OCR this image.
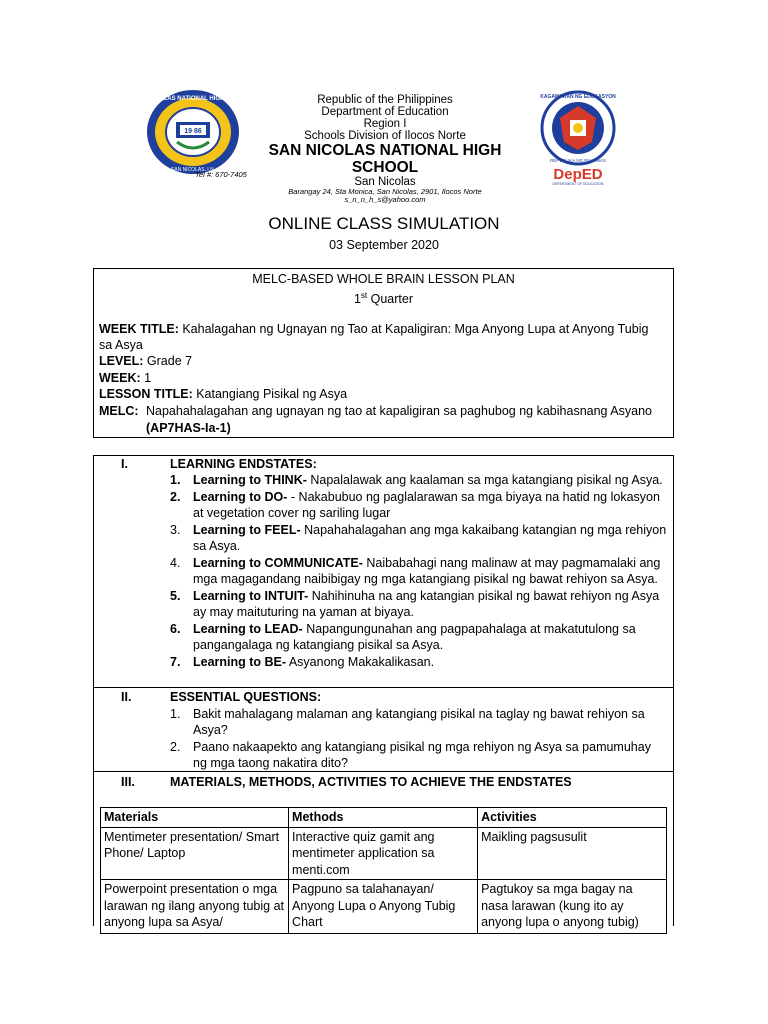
SAN NICOLAS NATIONAL HIGH SCHOOL
19 86
SAN NICOLAS, I.N.
Republic of the Philippines
Department of Education
Region I
Schools Division of Ilocos Norte
SAN NICOLAS NATIONAL HIGH SCHOOL
San Nicolas
Barangay 24, Sta Monica, San Nicolas, 2901, Ilocos Norte
s_n_n_h_s@yahoo.com
Tel #: 670-7405
KAGAWARAN NG EDUKASYON
REPUBLIKA NG PILIPINAS
DepED
DEPARTMENT OF EDUCATION
ONLINE CLASS SIMULATION
03 September 2020
MELC-BASED WHOLE BRAIN LESSON PLAN
1st Quarter
WEEK TITLE: Kahalagahan ng Ugnayan ng Tao at Kapaligiran: Mga Anyong Lupa at Anyong Tubig
sa Asya
LEVEL: Grade 7
WEEK: 1
LESSON TITLE: Katangiang Pisikal ng Asya
MELC: Napahahalagahan ang ugnayan ng tao at kapaligiran sa paghubog ng kabihasnang Asyano
(AP7HAS-Ia-1)
I.	LEARNING ENDSTATES:
1. Learning to THINK- Napalalawak ang kaalaman sa mga katangiang pisikal ng Asya.
2. Learning to DO- - Nakabubuo ng paglalarawan sa mga biyaya na hatid ng lokasyon
at vegetation cover ng sariling lugar
3. Learning to FEEL- Napahahalagahan ang mga kakaibang katangian ng mga rehiyon
sa Asya.
4. Learning to COMMUNICATE- Naibabahagi nang malinaw at may pagmamalaki ang
mga magagandang naibibigay ng mga katangiang pisikal ng bawat rehiyon sa Asya.
5. Learning to INTUIT- Nahihinuha na ang katangian pisikal ng bawat rehiyon ng Asya
ay may maituturing na yaman at biyaya.
6. Learning to LEAD- Napangungunahan ang pagpapahalaga at makatutulong sa
pangangalaga ng katangiang pisikal sa Asya.
7. Learning to BE- Asyanong Makakalikasan.
II.	ESSENTIAL QUESTIONS:
1. Bakit mahalagang malaman ang katangiang pisikal na taglay ng bawat rehiyon sa
Asya?
2. Paano nakaapekto ang katangiang pisikal ng mga rehiyon ng Asya sa pamumuhay
ng mga taong nakatira dito?
III.	MATERIALS, METHODS, ACTIVITIES TO ACHIEVE THE ENDSTATES
Materials	Methods	Activities
Mentimeter presentation/ Smart Phone/ Laptop	Interactive quiz gamit ang mentimeter application sa menti.com	Maikling pagsusulit
Powerpoint presentation o mga larawan ng ilang anyong tubig at anyong lupa sa Asya/	Pagpuno sa talahanayan/ Anyong Lupa o Anyong Tubig Chart	Pagtukoy sa mga bagay na nasa larawan (kung ito ay anyong lupa o anyong tubig)
